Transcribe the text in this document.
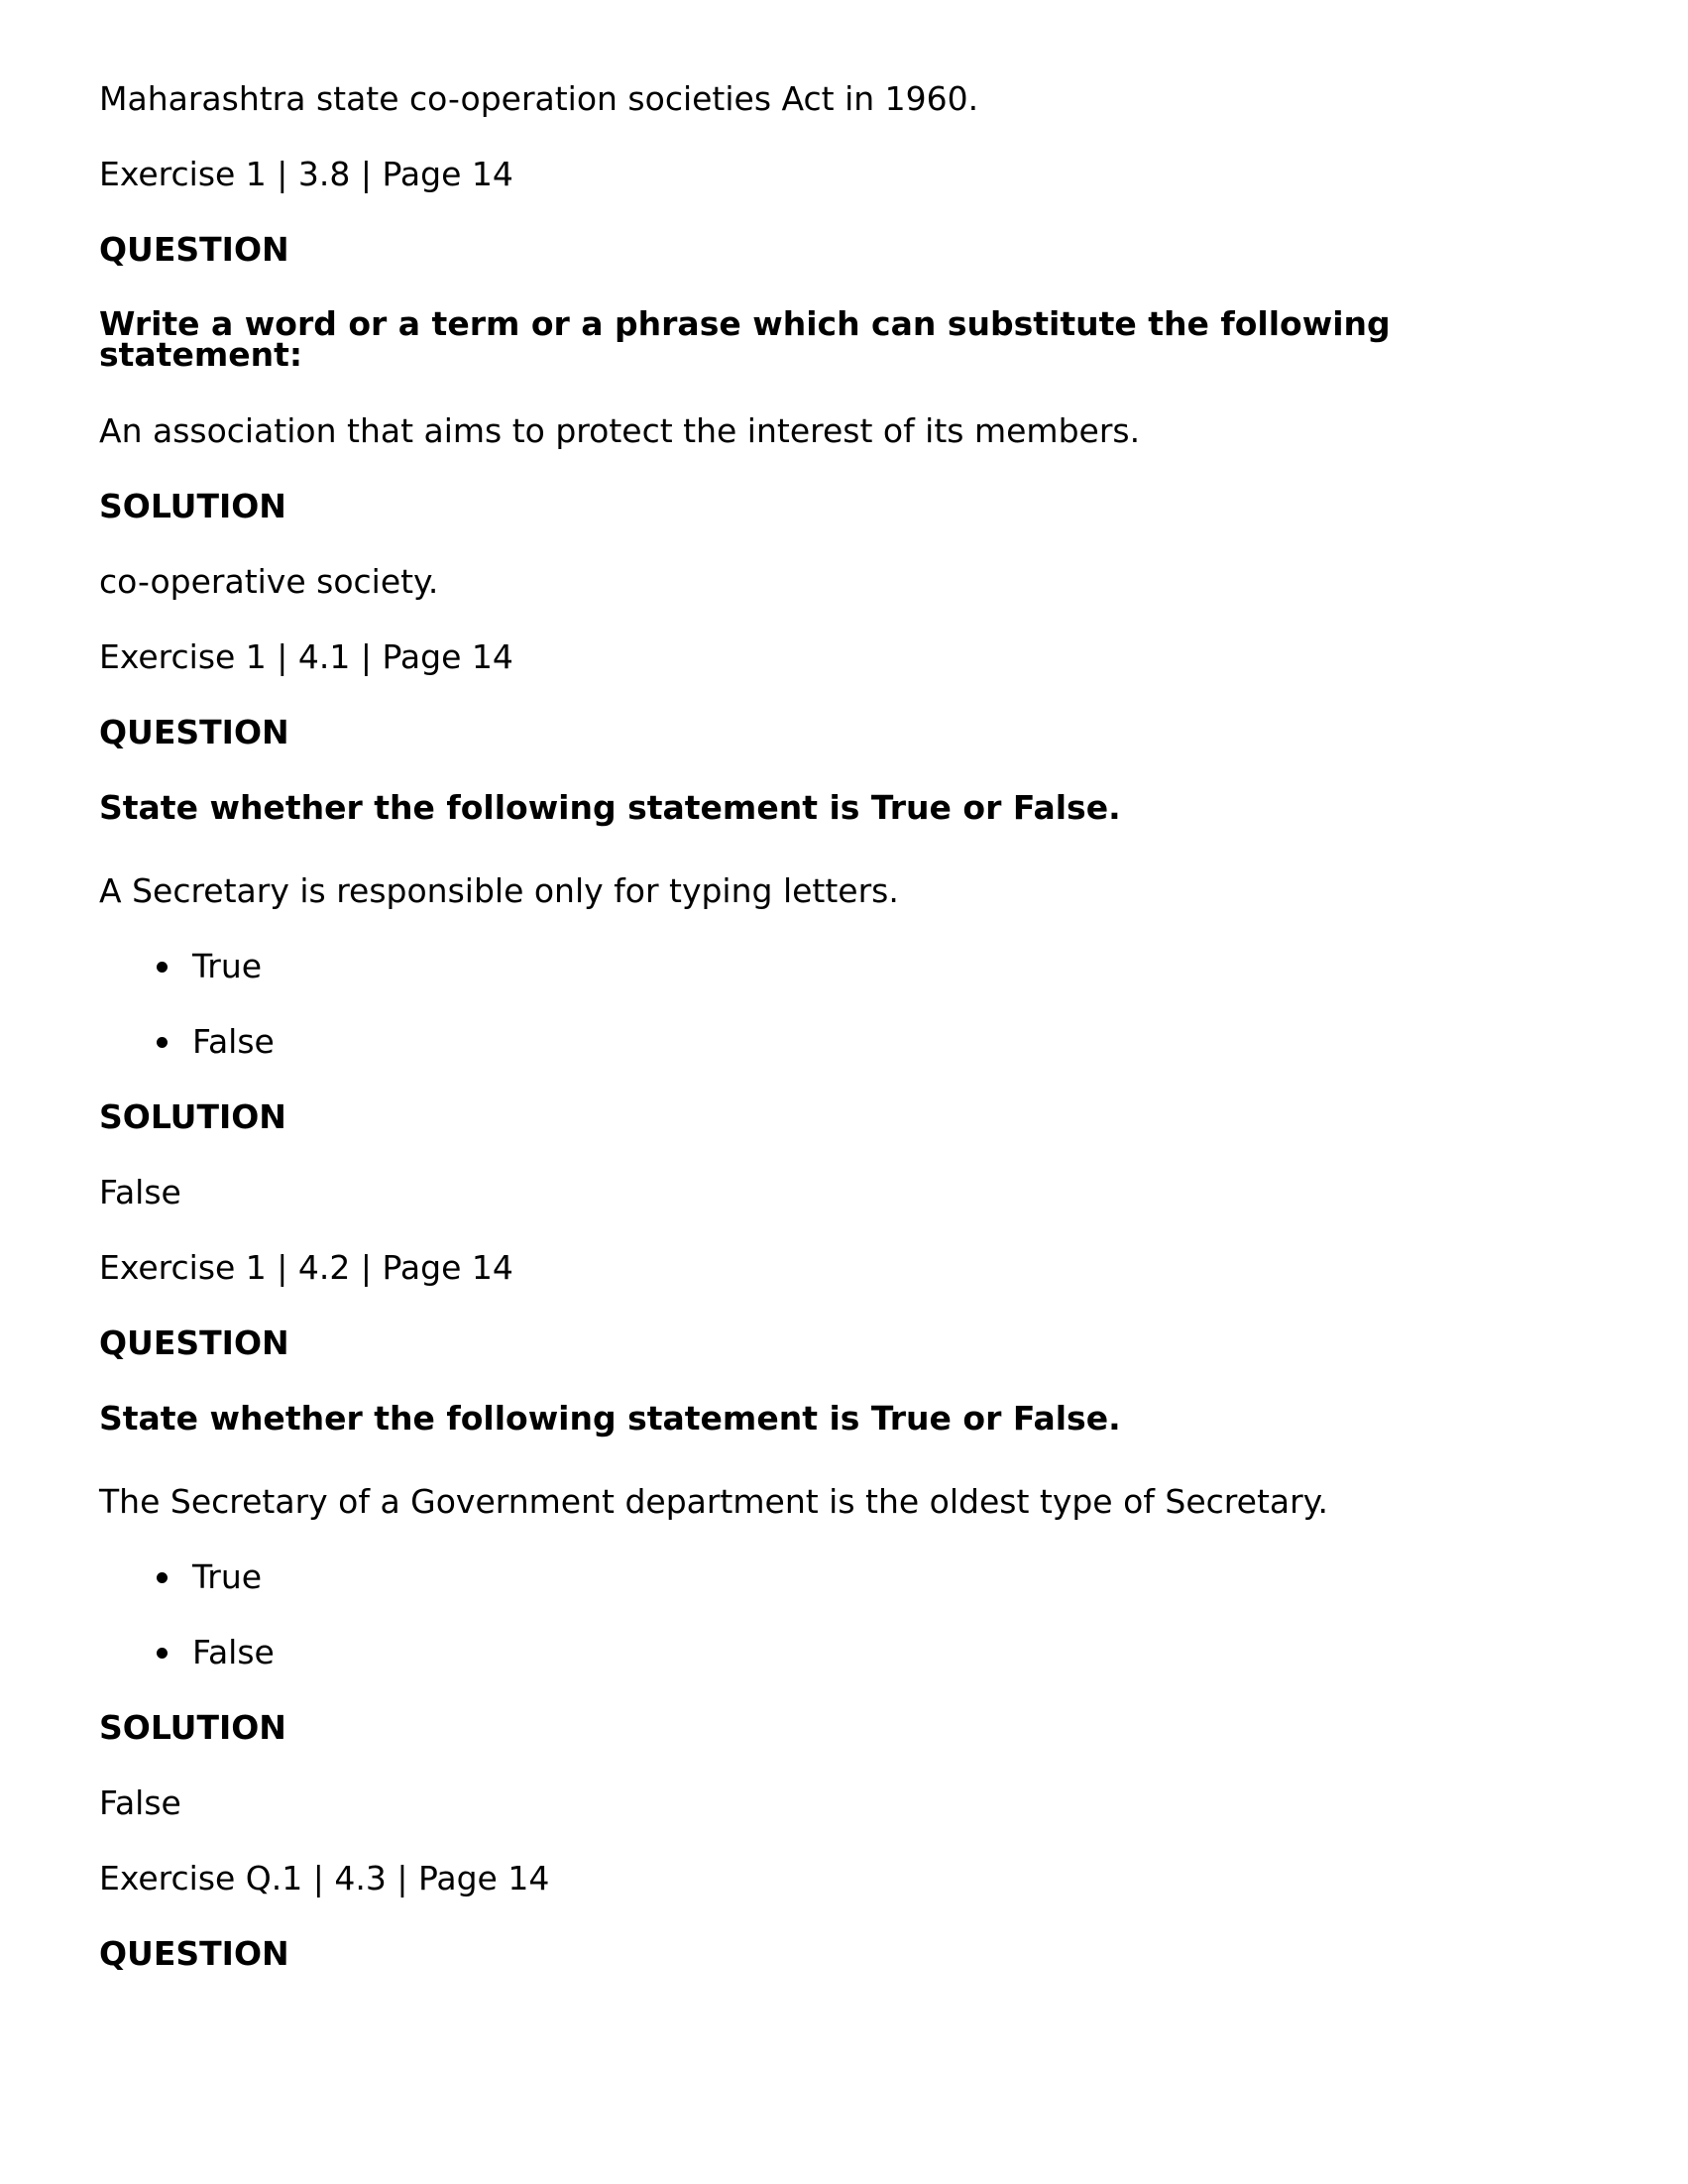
Maharashtra state co-operation societies Act in 1960.

Exercise 1 | 3.8 | Page 14

QUESTION

Write a word or a term or a phrase which can substitute the following statement:

An association that aims to protect the interest of its members.

SOLUTION

co-operative society.

Exercise 1 | 4.1 | Page 14

QUESTION

State whether the following statement is True or False.

A Secretary is responsible only for typing letters.

True
False

SOLUTION

False

Exercise 1 | 4.2 | Page 14

QUESTION

State whether the following statement is True or False.

The Secretary of a Government department is the oldest type of Secretary.

True
False

SOLUTION

False

Exercise Q.1 | 4.3 | Page 14

QUESTION
